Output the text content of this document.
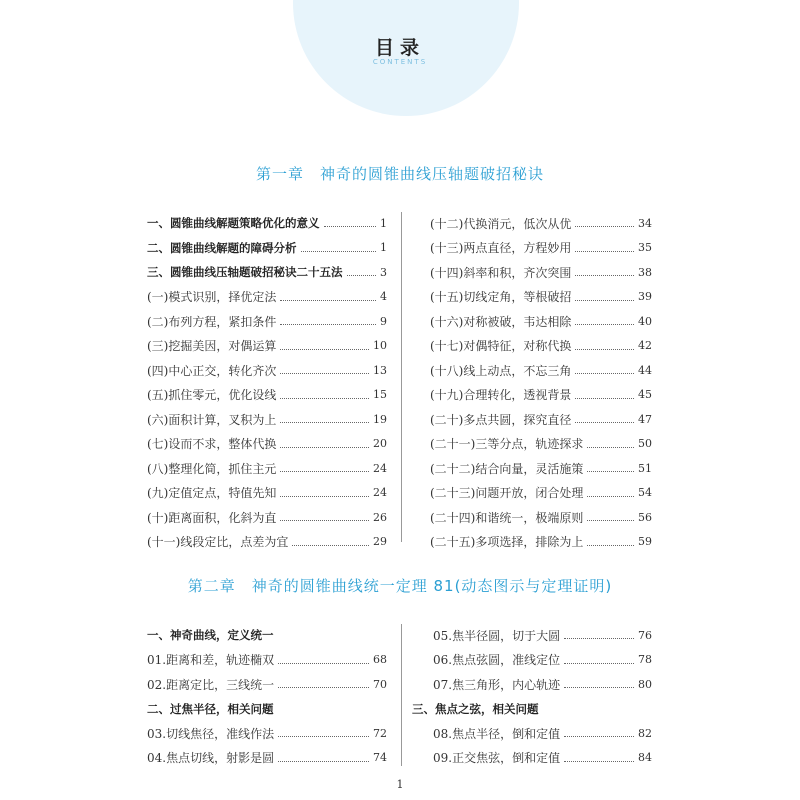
目录
CONTENTS
第一章　神奇的圆锥曲线压轴题破招秘诀
一、圆锥曲线解题策略优化的意义	1
二、圆锥曲线解题的障碍分析	1
三、圆锥曲线压轴题破招秘诀二十五法	3
(一)模式识别，择优定法	4
(二)布列方程，紧扣条件	9
(三)挖掘美因，对偶运算	10
(四)中心正交，转化齐次	13
(五)抓住零元，优化设线	15
(六)面积计算，叉积为上	19
(七)设而不求，整体代换	20
(八)整理化简，抓住主元	24
(九)定值定点，特值先知	24
(十)距离面积，化斜为直	26
(十一)线段定比，点差为宜	29
(十二)代换消元，低次从优	34
(十三)两点直径，方程妙用	35
(十四)斜率和积，齐次突围	38
(十五)切线定角，等根破招	39
(十六)对称被破，韦达相除	40
(十七)对偶特征，对称代换	42
(十八)线上动点，不忘三角	44
(十九)合理转化，透视背景	45
(二十)多点共圆，探究直径	47
(二十一)三等分点，轨迹探求	50
(二十二)结合向量，灵活施策	51
(二十三)问题开放，闭合处理	54
(二十四)和谐统一，极端原则	56
(二十五)多项选择，排除为上	59
第二章　神奇的圆锥曲线统一定理 81(动态图示与定理证明)
一、神奇曲线，定义统一
01.距离和差，轨迹椭双	68
02.距离定比，三线统一	70
二、过焦半径，相关问题
03.切线焦径，准线作法	72
04.焦点切线，射影是圆	74
05.焦半径圆，切于大圆	76
06.焦点弦圆，准线定位	78
07.焦三角形，内心轨迹	80
三、焦点之弦，相关问题
08.焦点半径，倒和定值	82
09.正交焦弦，倒和定值	84
1
